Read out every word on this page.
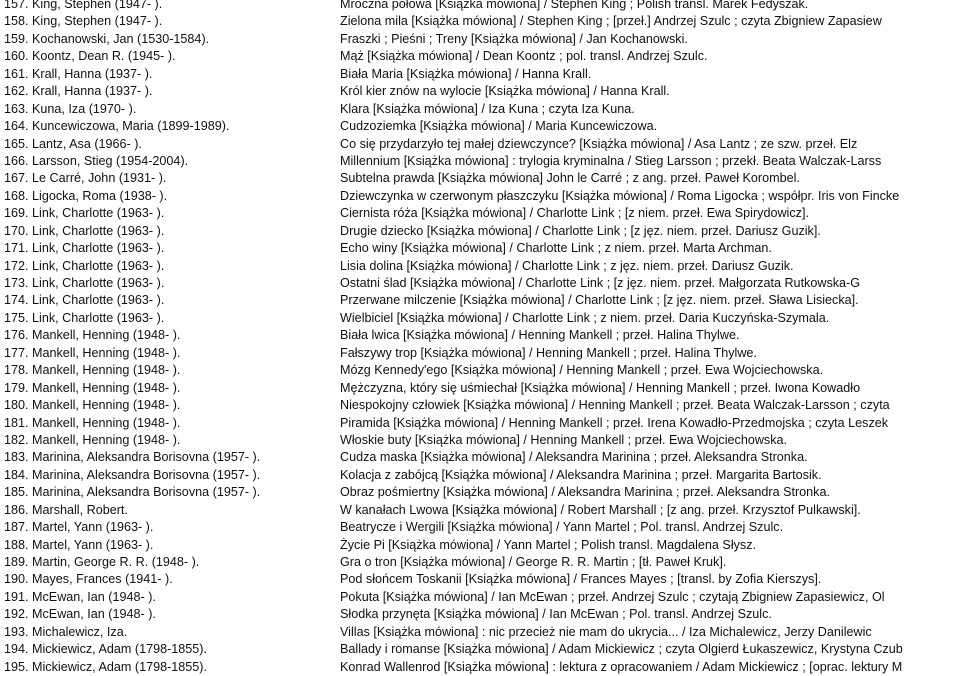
157. King, Stephen (1947- ).	Mroczna połowa [Książka mówiona] / Stephen King ; Polish transl. Marek Fedyszak.
158. King, Stephen (1947- ).	Zielona mila [Książka mówiona] / Stephen King ; [przeł.] Andrzej Szulc ; czyta Zbigniew Zapasiew
159. Kochanowski, Jan (1530-1584).	Fraszki ; Pieśni ; Treny [Książka mówiona] / Jan Kochanowski.
160. Koontz, Dean R. (1945- ).	Mąż [Książka mówiona] / Dean Koontz ; pol. transl. Andrzej Szulc.
161. Krall, Hanna (1937- ).	Biała Maria [Książka mówiona] / Hanna Krall.
162. Krall, Hanna (1937- ).	Król kier znów na wylocie [Książka mówiona] / Hanna Krall.
163. Kuna, Iza (1970- ).	Klara [Książka mówiona] / Iza Kuna ; czyta Iza Kuna.
164. Kuncewiczowa, Maria (1899-1989).	Cudzoziemka [Książka mówiona] / Maria Kuncewiczowa.
165. Lantz, Asa (1966- ).	Co się przydarzyło tej małej dziewczynce? [Książka mówiona] / Asa Lantz ; ze szw. przeł. Elz
166. Larsson, Stieg (1954-2004).	Millennium [Książka mówiona] : trylogia kryminalna / Stieg Larsson ; przekł. Beata Walczak-Larss
167. Le Carré, John (1931- ).	Subtelna prawda [Książka mówiona] John le Carré ; z ang. przeł. Paweł Korombel.
168. Ligocka, Roma (1938- ).	Dziewczynka w czerwonym płaszczyku [Książka mówiona] / Roma Ligocka ; współpr. Iris von Fincke
169. Link, Charlotte (1963- ).	Ciernista róża [Książka mówiona] / Charlotte Link ; [z niem. przeł. Ewa Spirydowicz].
170. Link, Charlotte (1963- ).	Drugie dziecko [Książka mówiona] / Charlotte Link ; [z jęz. niem. przeł. Dariusz Guzik].
171. Link, Charlotte (1963- ).	Echo winy [Książka mówiona] / Charlotte Link ; z niem. przeł. Marta Archman.
172. Link, Charlotte (1963- ).	Lisia dolina [Książka mówiona] / Charlotte Link ; z jęz. niem. przeł. Dariusz Guzik.
173. Link, Charlotte (1963- ).	Ostatni ślad [Książka mówiona] / Charlotte Link ; [z jęz. niem. przeł. Małgorzata Rutkowska-G
174. Link, Charlotte (1963- ).	Przerwane milczenie [Książka mówiona] / Charlotte Link ; [z jęz. niem. przeł. Sława Lisiecka].
175. Link, Charlotte (1963- ).	Wielbiciel [Książka mówiona] / Charlotte Link ; z niem. przeł. Daria Kuczyńska-Szymala.
176. Mankell, Henning (1948- ).	Biała lwica [Książka mówiona] / Henning Mankell ; przeł. Halina Thylwe.
177. Mankell, Henning (1948- ).	Fałszywy trop [Książka mówiona] / Henning Mankell ; przeł. Halina Thylwe.
178. Mankell, Henning (1948- ).	Mózg Kennedy'ego [Książka mówiona] / Henning Mankell ; przeł. Ewa Wojciechowska.
179. Mankell, Henning (1948- ).	Mężczyzna, który się uśmiechał [Książka mówiona] / Henning Mankell ; przeł. Iwona Kowadło
180. Mankell, Henning (1948- ).	Niespokojny człowiek [Książka mówiona] / Henning Mankell ; przeł. Beata Walczak-Larsson ; czyta
181. Mankell, Henning (1948- ).	Piramida [Książka mówiona] / Henning Mankell ; przeł. Irena Kowadło-Przedmojska ; czyta Leszek
182. Mankell, Henning (1948- ).	Włoskie buty [Książka mówiona] / Henning Mankell ; przeł. Ewa Wojciechowska.
183. Marinina, Aleksandra Borisovna (1957- ).	Cudza maska [Książka mówiona] / Aleksandra Marinina ; przeł. Aleksandra Stronka.
184. Marinina, Aleksandra Borisovna (1957- ).	Kolacja z zabójcą [Książka mówiona] / Aleksandra Marinina ; przeł. Margarita Bartosik.
185. Marinina, Aleksandra Borisovna (1957- ).	Obraz pośmiertny [Książka mówiona] / Aleksandra Marinina ; przeł. Aleksandra Stronka.
186. Marshall, Robert.	W kanałach Lwowa [Książka mówiona] / Robert Marshall ; [z ang. przeł. Krzysztof Pulkawski].
187. Martel, Yann (1963- ).	Beatrycze i Wergili [Książka mówiona] / Yann Martel ; Pol. transl. Andrzej Szulc.
188. Martel, Yann (1963- ).	Życie Pi [Książka mówiona] / Yann Martel ; Polish transl. Magdalena Słysz.
189. Martin, George R. R. (1948- ).	Gra o tron [Książka mówiona] / George R. R. Martin ; [tł. Paweł Kruk].
190. Mayes, Frances (1941- ).	Pod słońcem Toskanii [Książka mówiona] / Frances Mayes ; [transl. by Zofia Kierszys].
191. McEwan, Ian (1948- ).	Pokuta [Książka mówiona] / Ian McEwan ; przeł. Andrzej Szulc ; czytają Zbigniew Zapasiewicz, Ol
192. McEwan, Ian (1948- ).	Słodka przynęta [Książka mówiona] / Ian McEwan ; Pol. transl. Andrzej Szulc.
193. Michalewicz, Iza.	Villas [Książka mówiona] : nic przecież nie mam do ukrycia... / Iza Michalewicz, Jerzy Danilewic
194. Mickiewicz, Adam (1798-1855).	Ballady i romanse [Książka mówiona] / Adam Mickiewicz ; czyta Olgierd Łukaszewicz, Krystyna Czub
195. Mickiewicz, Adam (1798-1855).	Konrad Wallenrod [Książka mówiona] : lektura z opracowaniem / Adam Mickiewicz ; [oprac. lektury M
